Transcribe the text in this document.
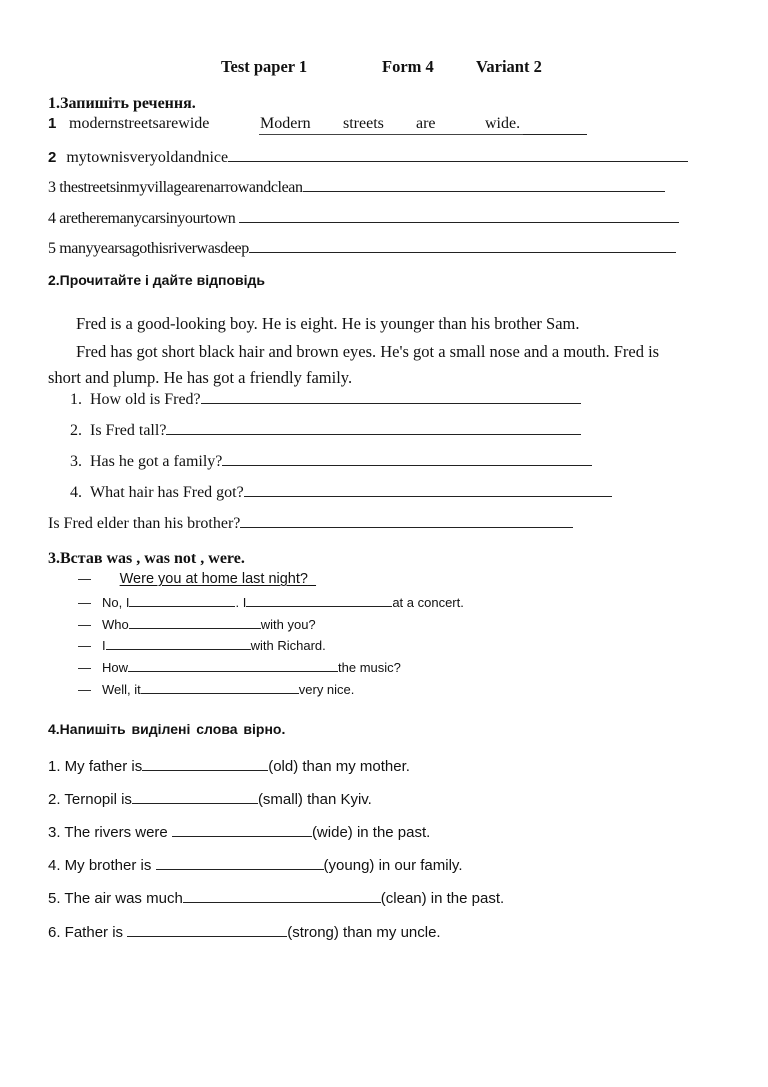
Test paper 1	Form 4	Variant 2
1.Запишіть речення.
1 modernstreetsarewide	Modern streets are	wide.
2 mytownisveryoldandnice
3 thestreetsinmyvillagearenarrowandclean
4 aretheremanycarsinyourtown
5 manyyearsagothisriverwasdeep
2.Прочитайте і дайте відповідь
Fred is a good-looking boy. He is eight. He is younger than his brother Sam.
Fred has got short black hair and brown eyes. He's got a small nose and a mouth. Fred is
short and plump. He has got a friendly family.
1. How old is Fred?
2. Is Fred tall?
3. Has he got a family?
4. What hair has Fred got?
Is Fred elder than his brother?
3.Встав was , was not , were.
— Were you at home last night?
— No, I	. I	at a concert.
— Who	with you?
— I	with Richard.
— How	the music?
— Well, it	very nice.
4.Напишіть виділені слова вірно.
1. My father is	(old) than my mother.
2. Ternopil is	(small) than Kyiv.
3. The rivers were	(wide) in the past.
4. My brother is	(young) in our family.
5. The air was much	(clean) in the past.
6. Father is	(strong) than my uncle.
